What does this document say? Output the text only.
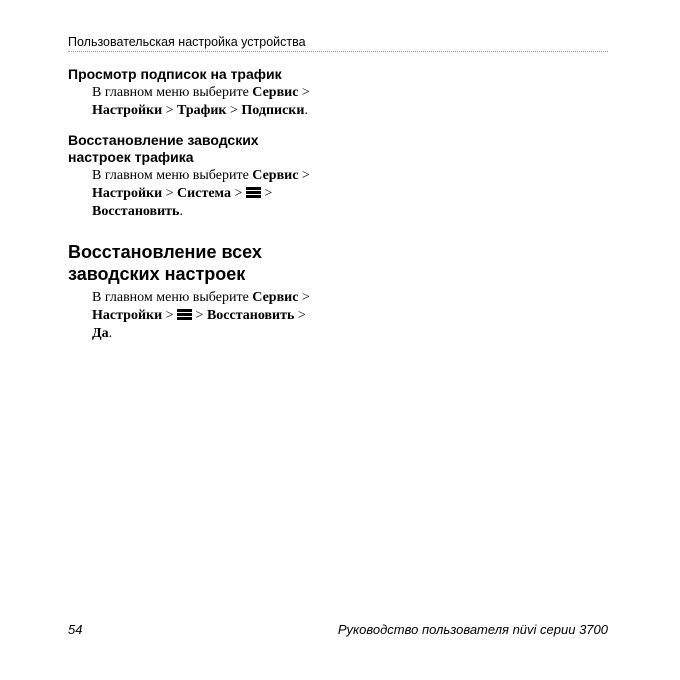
Пользовательская настройка устройства
Просмотр подписок на трафик

В главном меню выберите Сервис >
Настройки > Трафик > Подписки.

Восстановление заводских
настроек трафика

В главном меню выберите Сервис >
Настройки > Система > >
Восстановить.

Восстановление всех
заводских настроек

В главном меню выберите Сервис >
Настройки > > Восстановить >
Да.

54	Руководство пользователя nüvi серии 3700
